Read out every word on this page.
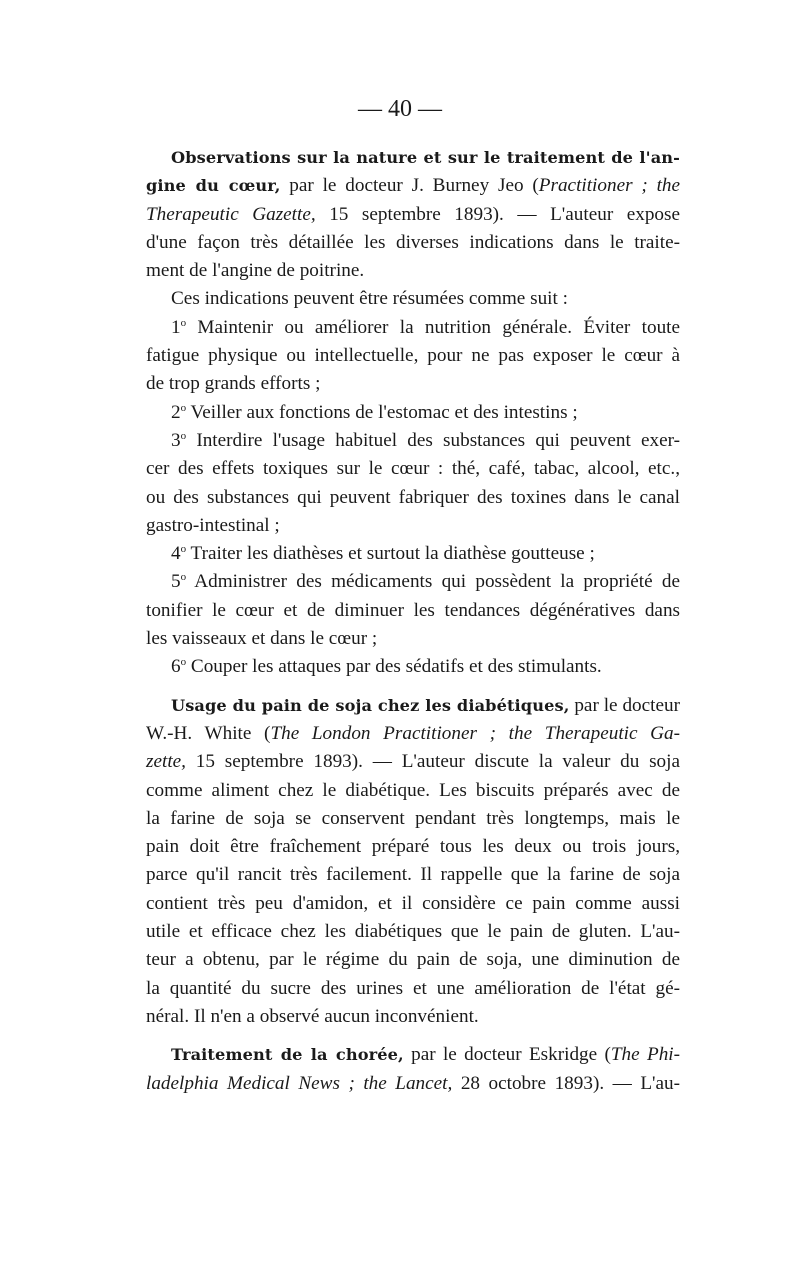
— 40 —
Observations sur la nature et sur le traitement de l'an-
gine du cœur, par le docteur J. Burney Jeo (Practitioner ; the
Therapeutic Gazette, 15 septembre 1893). — L'auteur expose
d'une façon très détaillée les diverses indications dans le traite-
ment de l'angine de poitrine.
Ces indications peuvent être résumées comme suit :
1$^o$ Maintenir ou améliorer la nutrition générale. Éviter toute
fatigue physique ou intellectuelle, pour ne pas exposer le cœur à
de trop grands efforts ;
2$^o$ Veiller aux fonctions de l'estomac et des intestins ;
3$^o$ Interdire l'usage habituel des substances qui peuvent exer-
cer des effets toxiques sur le cœur : thé, café, tabac, alcool, etc.,
ou des substances qui peuvent fabriquer des toxines dans le canal
gastro-intestinal ;
4$^o$ Traiter les diathèses et surtout la diathèse goutteuse ;
5$^o$ Administrer des médicaments qui possèdent la propriété de
tonifier le cœur et de diminuer les tendances dégénératives dans
les vaisseaux et dans le cœur ;
6$^o$ Couper les attaques par des sédatifs et des stimulants.
Usage du pain de soja chez les diabétiques, par le docteur
W.-H. White (The London Practitioner ; the Therapeutic Ga-
zette, 15 septembre 1893). — L'auteur discute la valeur du soja
comme aliment chez le diabétique. Les biscuits préparés avec de
la farine de soja se conservent pendant très longtemps, mais le
pain doit être fraîchement préparé tous les deux ou trois jours,
parce qu'il rancit très facilement. Il rappelle que la farine de soja
contient très peu d'amidon, et il considère ce pain comme aussi
utile et efficace chez les diabétiques que le pain de gluten. L'au-
teur a obtenu, par le régime du pain de soja, une diminution de
la quantité du sucre des urines et une amélioration de l'état gé-
néral. Il n'en a observé aucun inconvénient.
Traitement de la chorée, par le docteur Eskridge (The Phi-
ladelphia Medical News ; the Lancet, 28 octobre 1893). — L'au-
